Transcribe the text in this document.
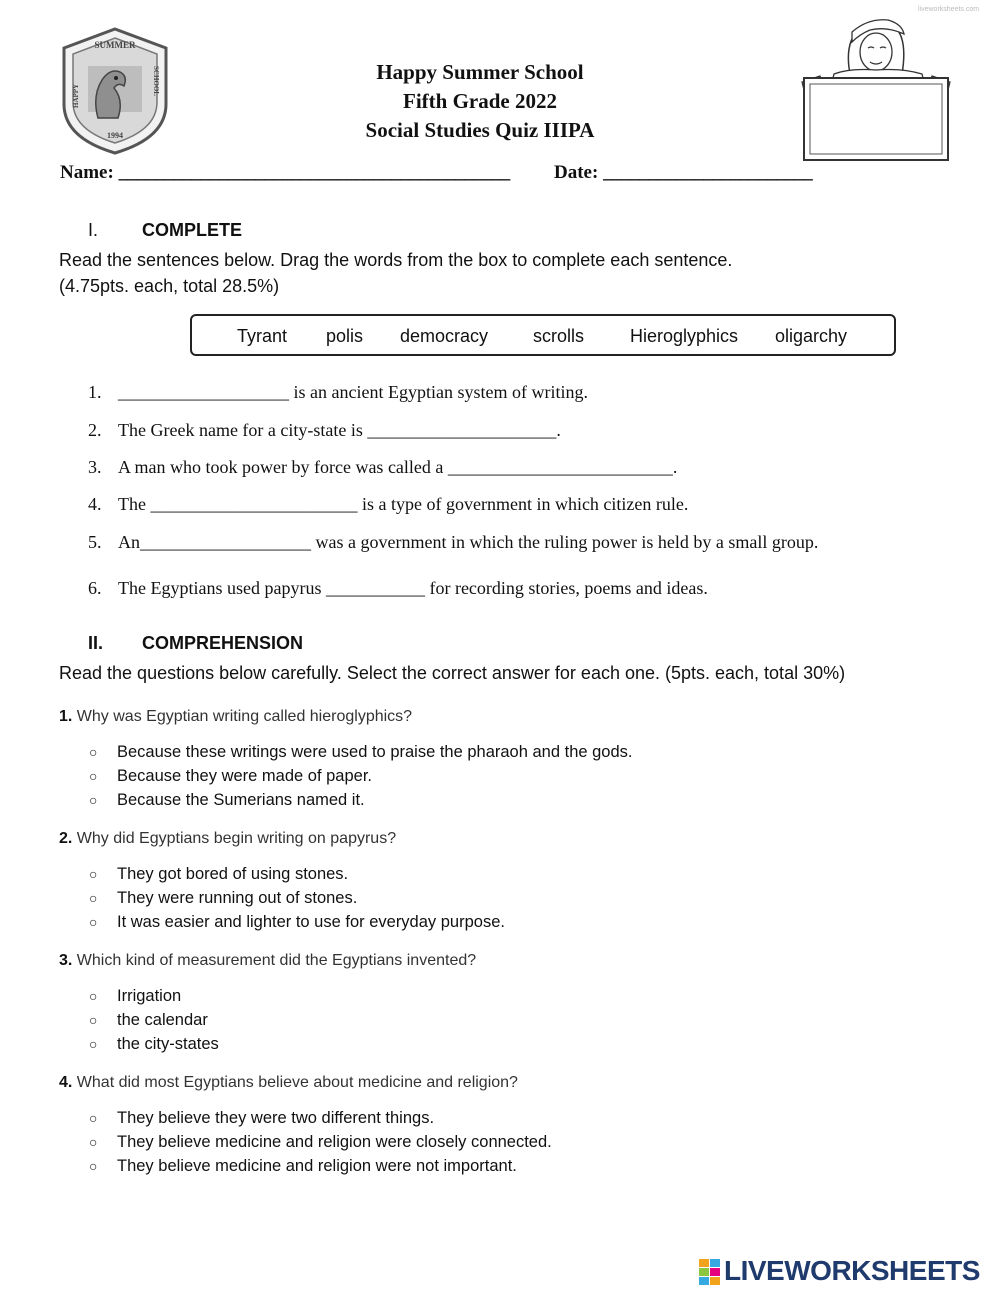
SUMMER
HAPPY	SCHOOL
1994
Happy Summer School
Fifth Grade 2022
Social Studies Quiz IIIPA
liveworksheets.com
Name: ___________________________________________ Date: _______________________
I. COMPLETE
Read the sentences below. Drag the words from the box to complete each sentence.
(4.75pts. each, total 28.5%)
Tyrant polis democracy scrolls	Hieroglyphics oligarchy
1. ___________________ is an ancient Egyptian system of writing.
2. The Greek name for a city-state is _____________________.
3. A man who took power by force was called a _________________________.
4. The _______________________ is a type of government in which citizen rule.
5. An___________________ was a government in which the ruling power is held by a small group.
6. The Egyptians used papyrus ___________ for recording stories, poems and ideas.
II. COMPREHENSION
Read the questions below carefully. Select the correct answer for each one. (5pts. each, total 30%)
1. Why was Egyptian writing called hieroglyphics?
○ Because these writings were used to praise the pharaoh and the gods.
○ Because they were made of paper.
○ Because the Sumerians named it.
2. Why did Egyptians begin writing on papyrus?
○ They got bored of using stones.
○ They were running out of stones.
○ It was easier and lighter to use for everyday purpose.
3. Which kind of measurement did the Egyptians invented?
○ Irrigation
○ the calendar
○ the city-states
4. What did most Egyptians believe about medicine and religion?
○ They believe they were two different things.
○ They believe medicine and religion were closely connected.
○ They believe medicine and religion were not important.
LIVEWORKSHEETS
